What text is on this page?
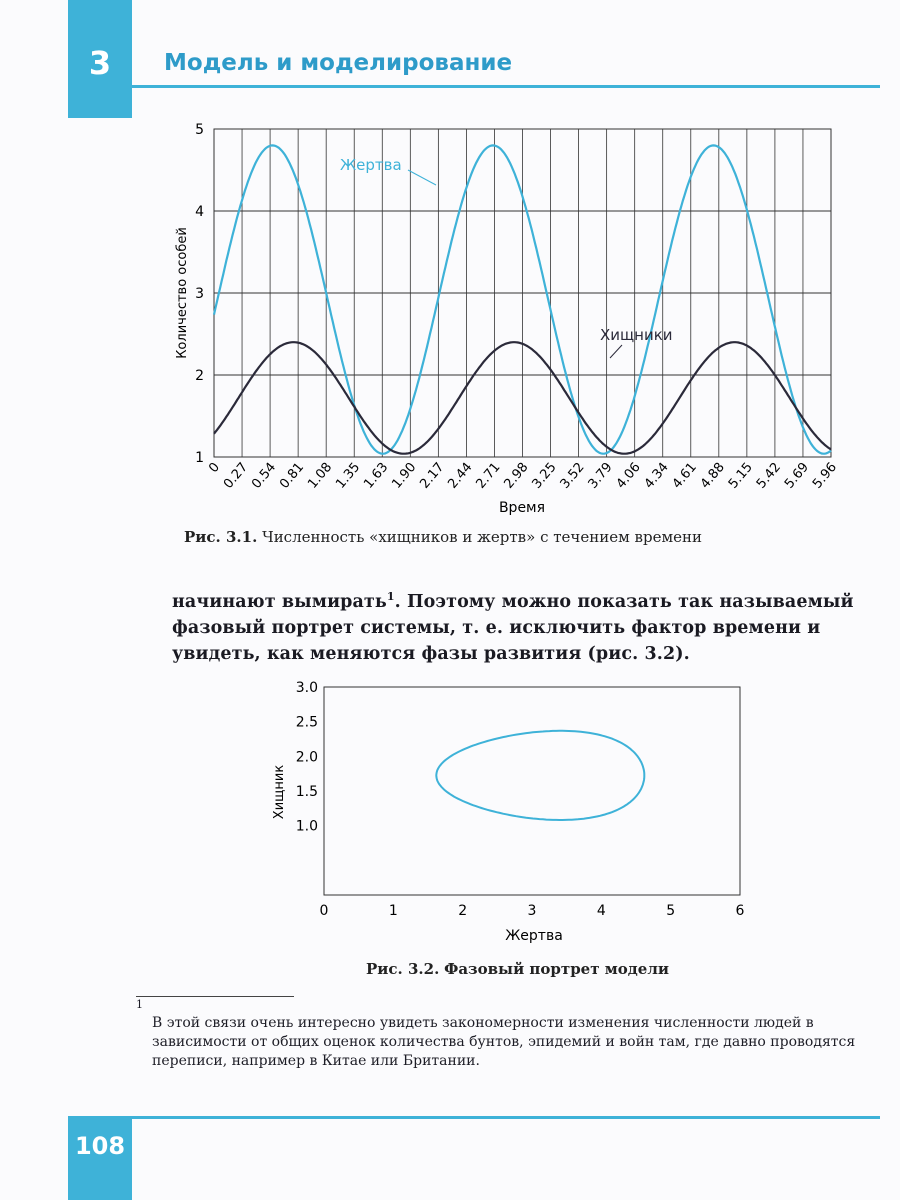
3 Модель и моделирование
1
2
3
4
5
0
0.27
0.54
0.81
1.08
1.35
1.63
1.90
2.17
2.44
2.71
2.98
3.25
3.52
3.79
4.06
4.34
4.61
4.88
5.15
5.42
5.69
5.96
Жертва
Хищники
Время
Количество особей
Рис. 3.1. Численность «хищников и жертв» с течением времени
начинают вымирать$^1$. Поэтому можно показать так называемый фазовый портрет системы, т. е. исключить фактор времени и увидеть, как меняются фазы развития (рис. 3.2).
3.0
2.5
2.0
1.5
1.0
0	1	2	3	4	5	6
Жертва
Хищник
Рис. 3.2. Фазовый портрет модели
1
В этой связи очень интересно увидеть закономерности изменения численности людей в зависимости от общих оценок количества бунтов, эпидемий и войн там, где давно проводятся переписи, например в Китае или Британии.
108
